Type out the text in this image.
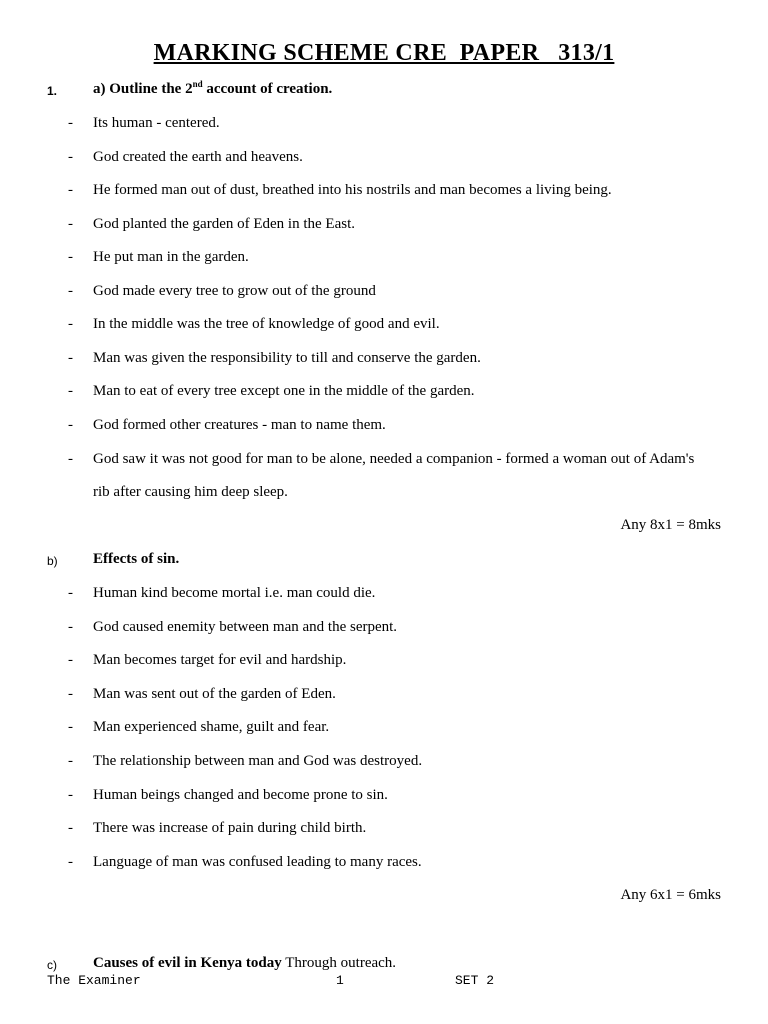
MARKING SCHEME CRE  PAPER   313/1
1. a) Outline the 2nd account of creation.
- Its human - centered.
- God created the earth and heavens.
- He formed man out of dust, breathed into his nostrils and man becomes a living being.
- God planted the garden of Eden in the East.
- He put man in the garden.
- God made every tree to grow out of the ground
- In the middle was the tree of knowledge of good and evil.
- Man was given the responsibility to till and conserve the garden.
- Man to eat of every tree except one in the middle of the garden.
- God formed other creatures - man to name them.
- God saw it was not good for man to be alone, needed a companion - formed a woman out of Adam's
rib after causing him deep sleep.
Any 8x1 = 8mks
b) Effects of sin.
- Human kind become mortal i.e. man could die.
- God caused enemity between man and the serpent.
- Man becomes target for evil and hardship.
- Man was sent out of the garden of Eden.
- Man experienced shame, guilt and fear.
- The relationship between man and God was destroyed.
- Human beings changed and become prone to sin.
- There was increase of pain during child birth.
- Language of man was confused leading to many races.
Any 6x1 = 6mks
c) Causes of evil in Kenya today Through outreach.
The Examiner	1	SET 2
